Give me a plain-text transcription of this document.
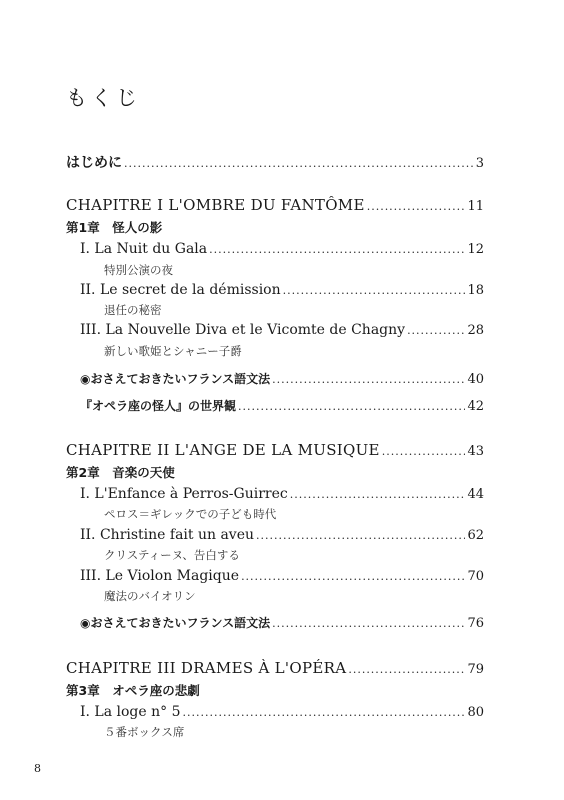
もくじ
はじめに .....	3
CHAPITRE I L'OMBRE DU FANTÔME .....	11
第1章　怪人の影
I. La Nuit du Gala .....	12
特別公演の夜
II. Le secret de la démission .....	18
退任の秘密
III. La Nouvelle Diva et le Vicomte de Chagny .....	28
新しい歌姫とシャニー子爵
◉おさえておきたいフランス語文法 .....	40
『オペラ座の怪人』の世界観 .....	42
CHAPITRE II L'ANGE DE LA MUSIQUE .....	43
第2章　音楽の天使
I. L'Enfance à Perros-Guirrec .....	44
ペロス＝ギレックでの子ども時代
II. Christine fait un aveu .....	62
クリスティーヌ、告白する
III. Le Violon Magique .....	70
魔法のバイオリン
◉おさえておきたいフランス語文法 .....	76
CHAPITRE III DRAMES À L'OPÉRA .....	79
第3章　オペラ座の悲劇
I. La loge n° 5 .....	80
５番ボックス席
8
